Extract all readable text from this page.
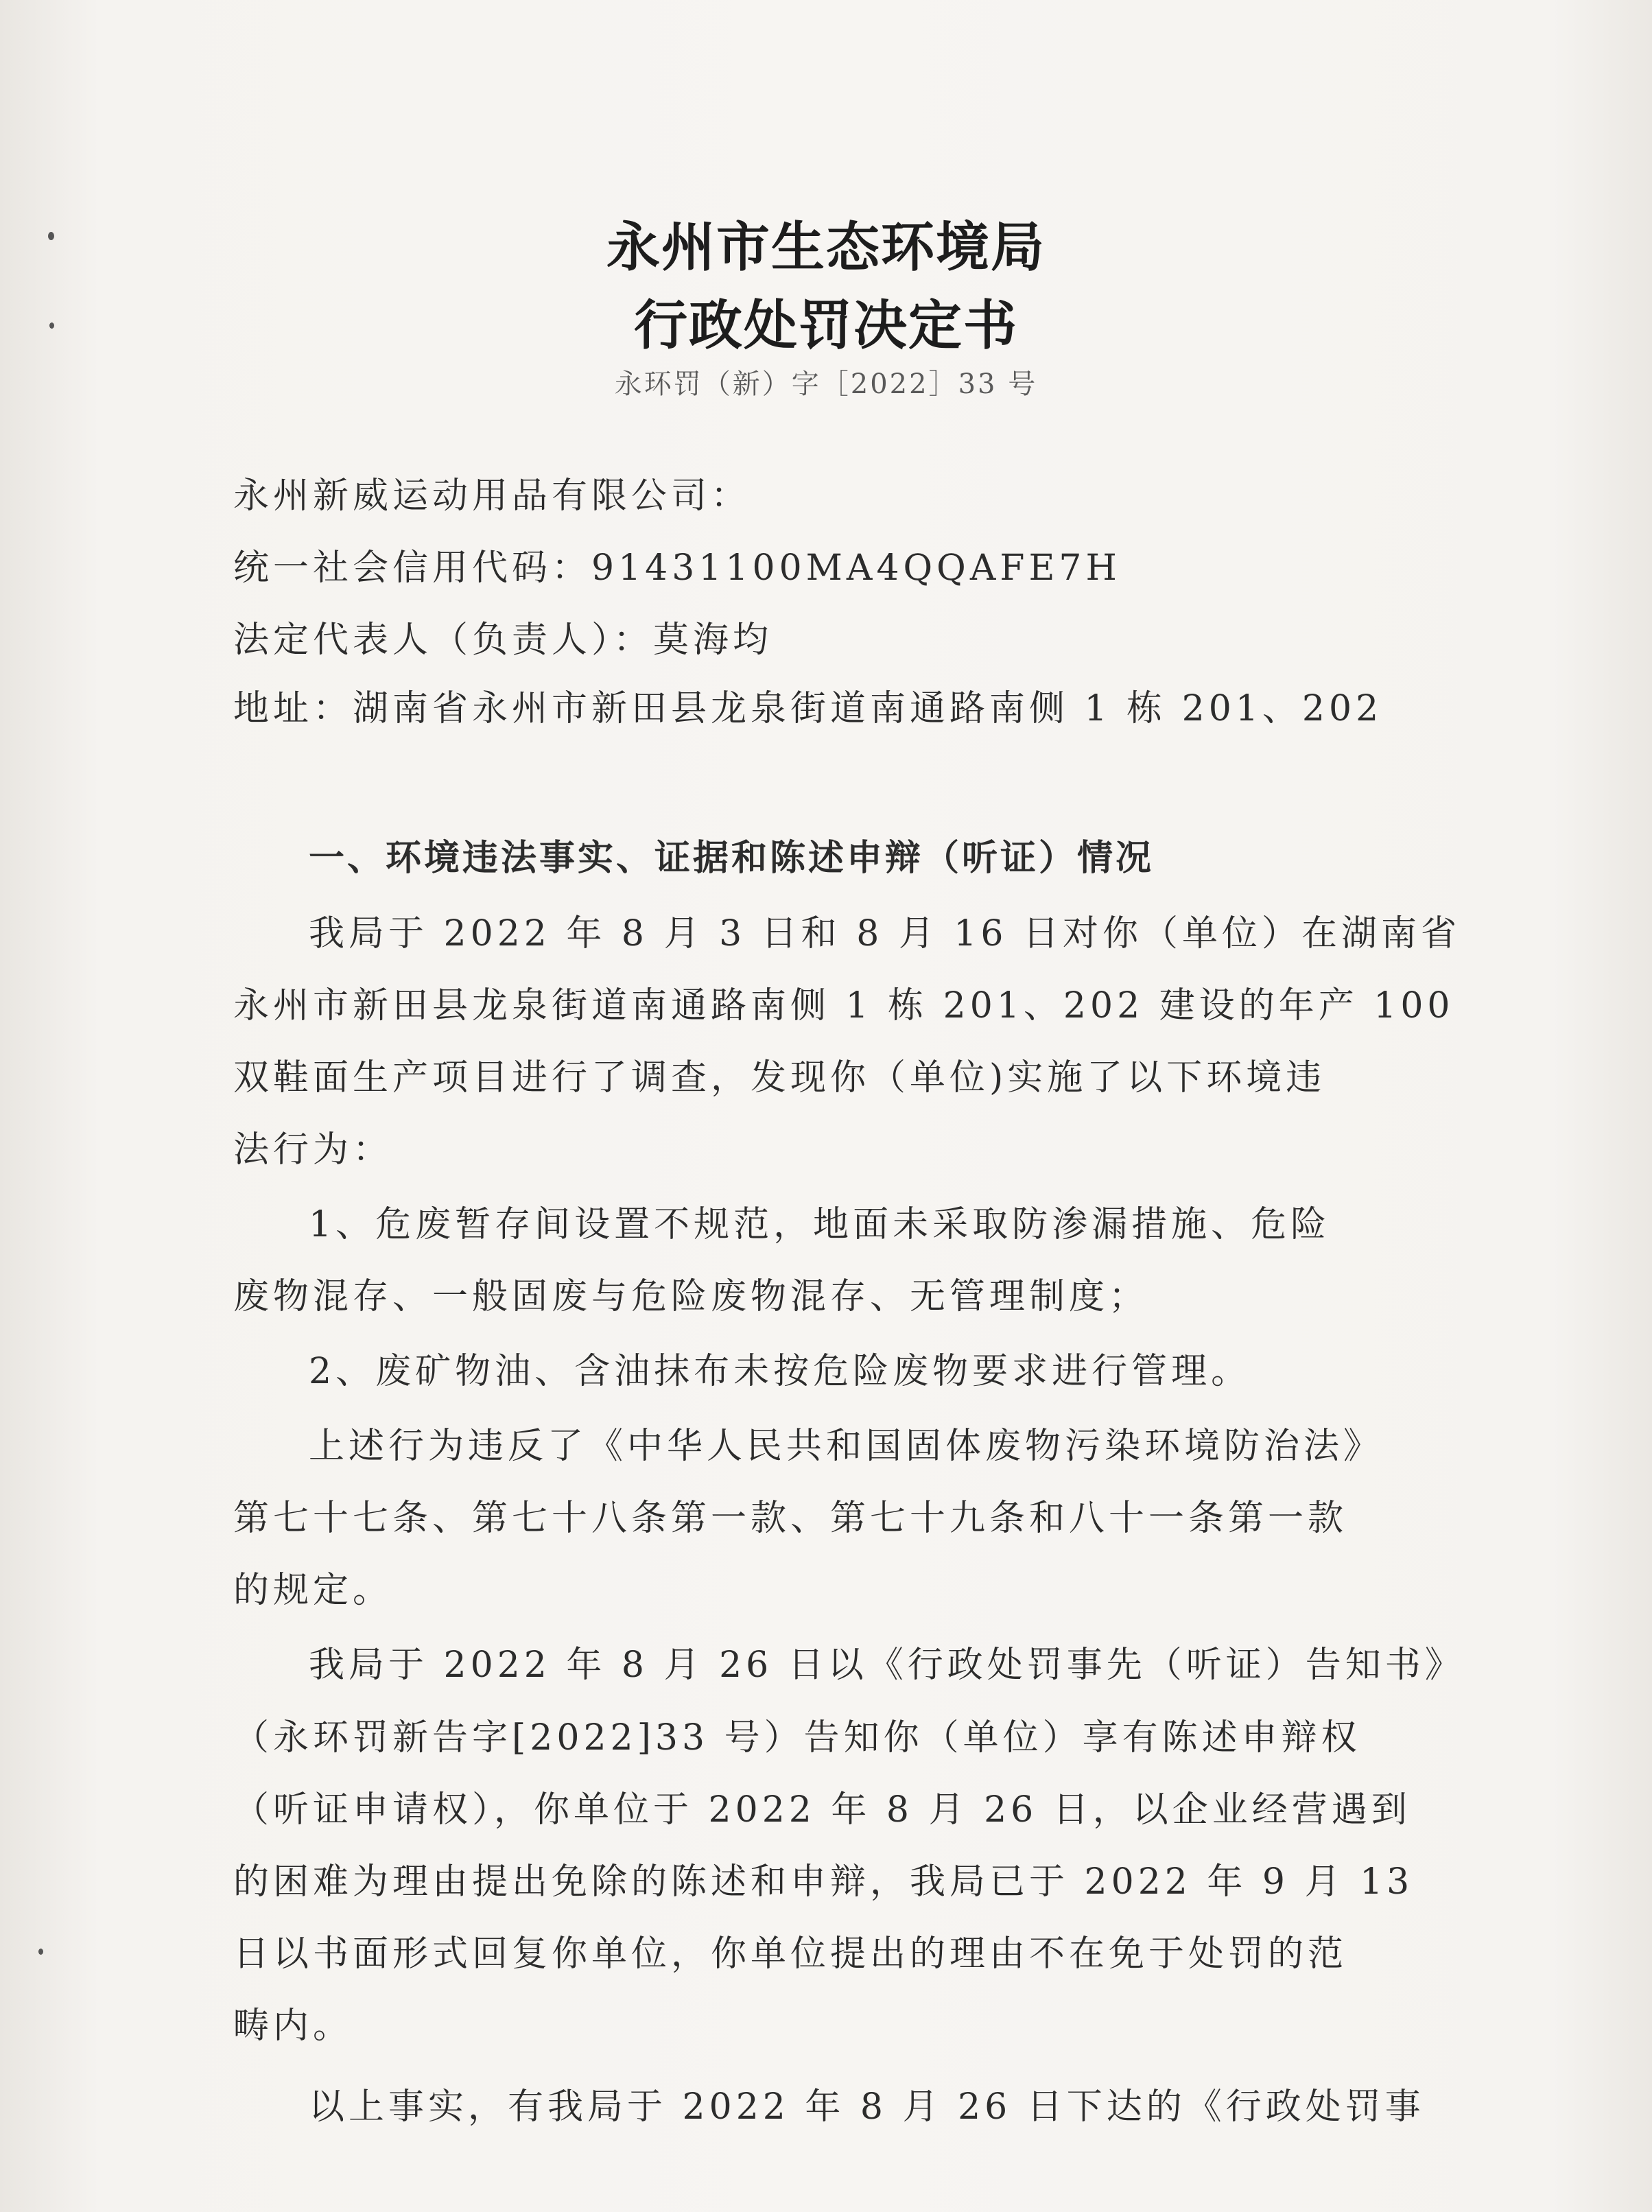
永州市生态环境局
行政处罚决定书

永环罚（新）字［2022］33 号

永州新威运动用品有限公司：

统一社会信用代码：91431100MA4QQAFE7H

法定代表人（负责人）：莫海均

地址：湖南省永州市新田县龙泉街道南通路南侧 1 栋 201、202

一、环境违法事实、证据和陈述申辩（听证）情况

我局于 2022 年 8 月 3 日和 8 月 16 日对你（单位）在湖南省

永州市新田县龙泉街道南通路南侧 1 栋 201、202 建设的年产 100

双鞋面生产项目进行了调查，发现你（单位)实施了以下环境违

法行为：

1、危废暂存间设置不规范，地面未采取防渗漏措施、危险

废物混存、一般固废与危险废物混存、无管理制度；

2、废矿物油、含油抹布未按危险废物要求进行管理。

上述行为违反了《中华人民共和国固体废物污染环境防治法》

第七十七条、第七十八条第一款、第七十九条和八十一条第一款

的规定。

我局于 2022 年 8 月 26 日以《行政处罚事先（听证）告知书》

（永环罚新告字[2022]33 号）告知你（单位）享有陈述申辩权

（听证申请权），你单位于 2022 年 8 月 26 日，以企业经营遇到

的困难为理由提出免除的陈述和申辩，我局已于 2022 年 9 月 13

日以书面形式回复你单位，你单位提出的理由不在免于处罚的范

畴内。

以上事实，有我局于 2022 年 8 月 26 日下达的《行政处罚事
